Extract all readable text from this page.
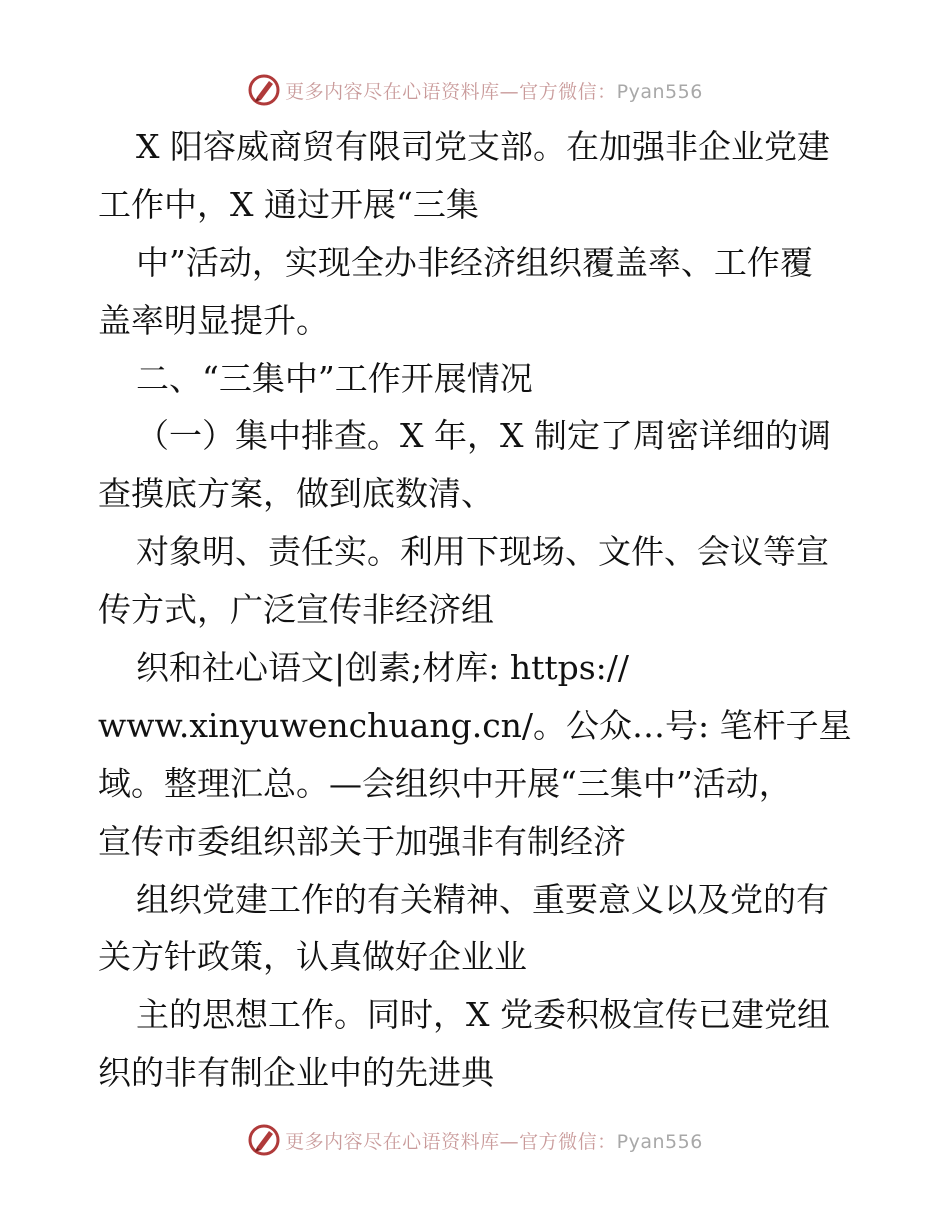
更多内容尽在心语资料库—官方微信：Pyan556
X 阳容威商贸有限司党支部。在加强非企业党建
工作中，X 通过开展“三集
中”活动，实现全办非经济组织覆盖率、工作覆
盖率明显提升。
二、“三集中”工作开展情况
（一）集中排查。X 年，X 制定了周密详细的调
查摸底方案，做到底数清、
对象明、责任实。利用下现场、文件、会议等宣
传方式，广泛宣传非经济组
织和社心语文|创素;材库: https://
www.xinyuwenchuang.cn/。公众…号: 笔杆子星
域。整理汇总。—会组织中开展“三集中”活动，
宣传市委组织部关于加强非有制经济
组织党建工作的有关精神、重要意义以及党的有
关方针政策，认真做好企业业
主的思想工作。同时，X 党委积极宣传已建党组
织的非有制企业中的先进典
更多内容尽在心语资料库—官方微信：Pyan556
